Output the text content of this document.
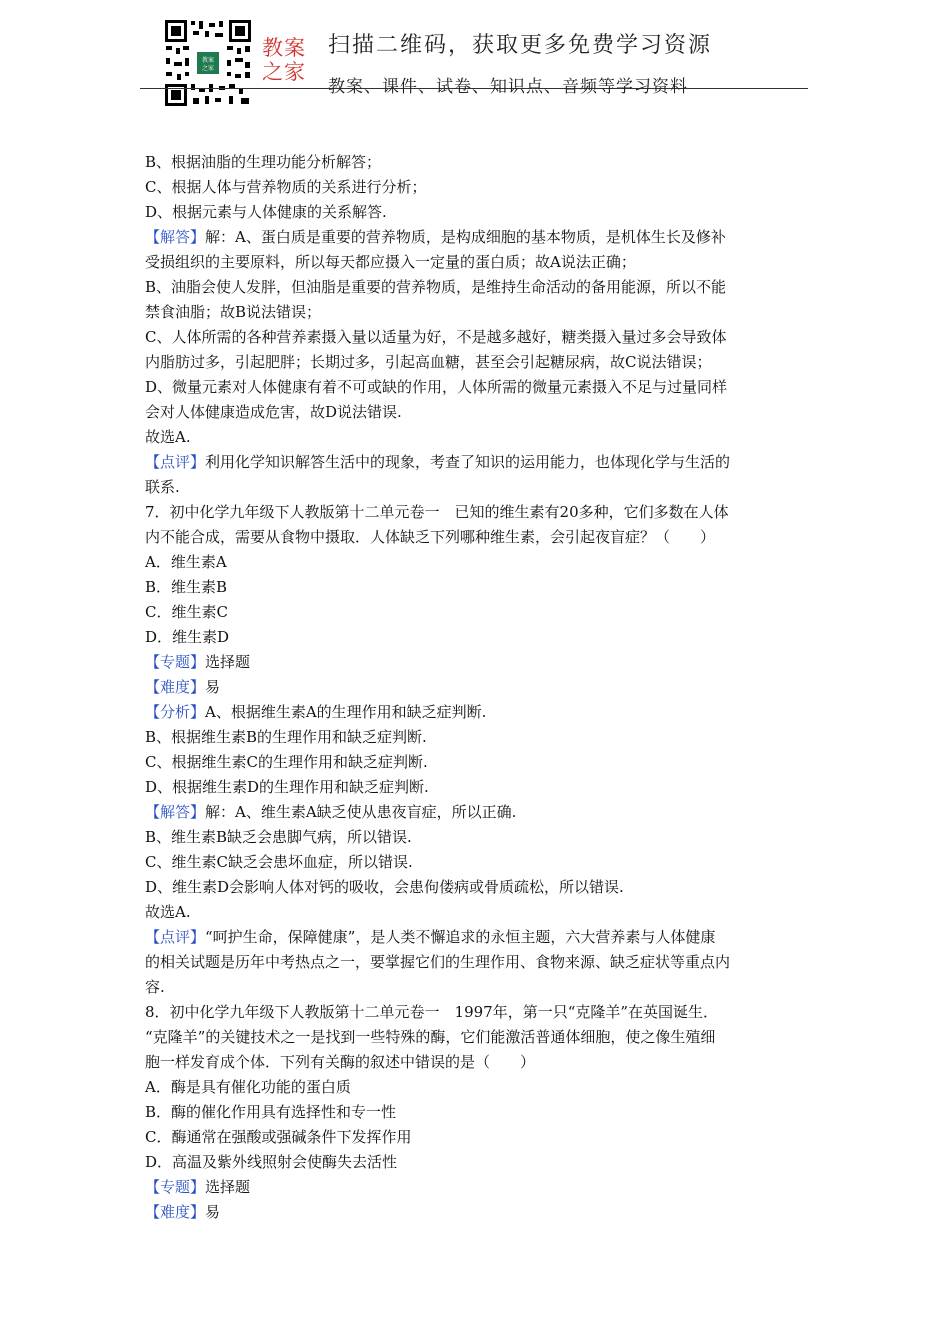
教案
之家
教案
之家
扫描二维码，获取更多免费学习资源
教案、课件、试卷、知识点、音频等学习资料
B、根据油脂的生理功能分析解答；
C、根据人体与营养物质的关系进行分析；
D、根据元素与人体健康的关系解答.
【解答】解：A、蛋白质是重要的营养物质，是构成细胞的基本物质，是机体生长及修补
受损组织的主要原料，所以每天都应摄入一定量的蛋白质；故A说法正确；
B、油脂会使人发胖，但油脂是重要的营养物质，是维持生命活动的备用能源，所以不能
禁食油脂；故B说法错误；
C、人体所需的各种营养素摄入量以适量为好，不是越多越好，糖类摄入量过多会导致体
内脂肪过多，引起肥胖；长期过多，引起高血糖，甚至会引起糖尿病，故C说法错误；
D、微量元素对人体健康有着不可或缺的作用，人体所需的微量元素摄入不足与过量同样
会对人体健康造成危害，故D说法错误.
故选A.
【点评】利用化学知识解答生活中的现象，考查了知识的运用能力，也体现化学与生活的
联系.
7．初中化学九年级下人教版第十二单元卷一　已知的维生素有20多种，它们多数在人体
内不能合成，需要从食物中摄取．人体缺乏下列哪种维生素，会引起夜盲症？（　　）
A．维生素A
B．维生素B
C．维生素C
D．维生素D
【专题】选择题
【难度】易
【分析】A、根据维生素A的生理作用和缺乏症判断.
B、根据维生素B的生理作用和缺乏症判断.
C、根据维生素C的生理作用和缺乏症判断.
D、根据维生素D的生理作用和缺乏症判断.
【解答】解：A、维生素A缺乏使从患夜盲症，所以正确.
B、维生素B缺乏会患脚气病，所以错误.
C、维生素C缺乏会患坏血症，所以错误.
D、维生素D会影响人体对钙的吸收，会患佝偻病或骨质疏松，所以错误.
故选A.
【点评】“呵护生命，保障健康”，是人类不懈追求的永恒主题，六大营养素与人体健康
的相关试题是历年中考热点之一，要掌握它们的生理作用、食物来源、缺乏症状等重点内
容.
8．初中化学九年级下人教版第十二单元卷一　1997年，第一只“克隆羊”在英国诞生．
“克隆羊”的关键技术之一是找到一些特殊的酶，它们能激活普通体细胞，使之像生殖细
胞一样发育成个体．下列有关酶的叙述中错误的是（　　）
A．酶是具有催化功能的蛋白质
B．酶的催化作用具有选择性和专一性
C．酶通常在强酸或强碱条件下发挥作用
D．高温及紫外线照射会使酶失去活性
【专题】选择题
【难度】易
